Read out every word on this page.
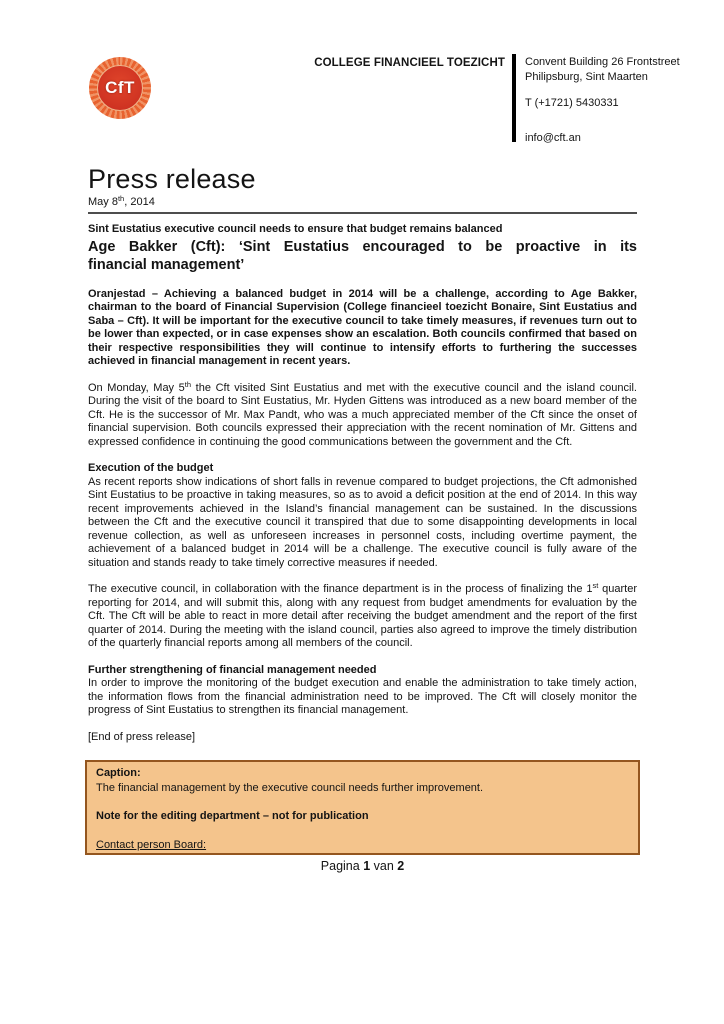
CfT
COLLEGE FINANCIEEL TOEZICHT Convent Building 26 Frontstreet
Philipsburg, Sint Maarten
T (+1721) 5430331
info@cft.an
Press release
May 8th, 2014
Sint Eustatius executive council needs to ensure that budget remains balanced
Age Bakker (Cft): ‘Sint Eustatius encouraged to be proactive in its
financial management’

Oranjestad – Achieving a balanced budget in 2014 will be a challenge, according to Age Bakker, chairman to the board of Financial Supervision (College financieel toezicht Bonaire, Sint Eustatius and Saba – Cft). It will be important for the executive council to take timely measures, if revenues turn out to be lower than expected, or in case expenses show an escalation. Both councils confirmed that based on their respective responsibilities they will continue to intensify efforts to furthering the successes achieved in financial management in recent years.

On Monday, May 5th the Cft visited Sint Eustatius and met with the executive council and the island council. During the visit of the board to Sint Eustatius, Mr. Hyden Gittens was introduced as a new board member of the Cft. He is the successor of Mr. Max Pandt, who was a much appreciated member of the Cft since the onset of financial supervision. Both councils expressed their appreciation with the recent nomination of Mr. Gittens and expressed confidence in continuing the good communications between the government and the Cft.

Execution of the budget

As recent reports show indications of short falls in revenue compared to budget projections, the Cft admonished Sint Eustatius to be proactive in taking measures, so as to avoid a deficit position at the end of 2014. In this way recent improvements achieved in the Island’s financial management can be sustained. In the discussions between the Cft and the executive council it transpired that due to some disappointing developments in local revenue collection, as well as unforeseen increases in personnel costs, including overtime payment, the achievement of a balanced budget in 2014 will be a challenge. The executive council is fully aware of the situation and stands ready to take timely corrective measures if needed.

The executive council, in collaboration with the finance department is in the process of finalizing the 1st quarter reporting for 2014, and will submit this, along with any request from budget amendments for evaluation by the Cft. The Cft will be able to react in more detail after receiving the budget amendment and the report of the first quarter of 2014. During the meeting with the island council, parties also agreed to improve the timely distribution of the quarterly financial reports among all members of the council.

Further strengthening of financial management needed

In order to improve the monitoring of the budget execution and enable the administration to take timely action, the information flows from the financial administration need to be improved. The Cft will closely monitor the progress of Sint Eustatius to strengthen its financial management.

[End of press release]

Caption:
The financial management by the executive council needs further improvement.
Note for the editing department – not for publication
Contact person Board:
Pagina 1 van 2
